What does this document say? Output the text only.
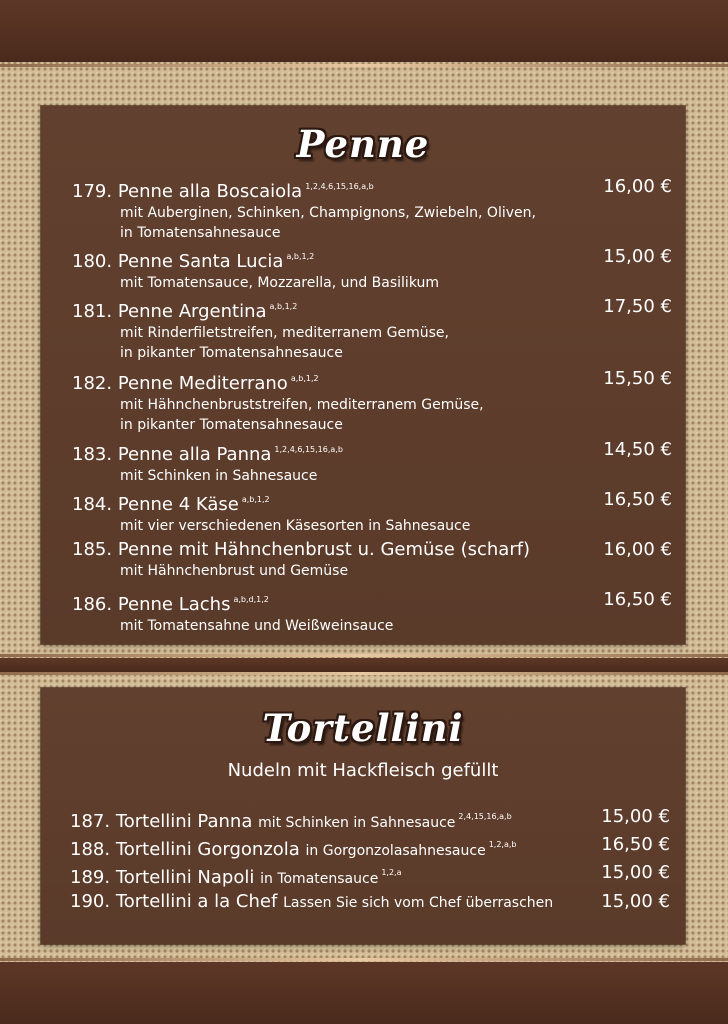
Penne
179. Penne alla Boscaiola $^{1,2,4,6,15,16,a,b}$	16,00 €
mit Auberginen, Schinken, Champignons, Zwiebeln, Oliven,
in Tomatensahnesauce
180. Penne Santa Lucia $^{a,b,1,2}$	15,00 €
mit Tomatensauce, Mozzarella, und Basilikum
181. Penne Argentina $^{a,b,1,2}$	17,50 €
mit Rinderfiletstreifen, mediterranem Gemüse,
in pikanter Tomatensahnesauce
182. Penne Mediterrano $^{a,b,1,2}$	15,50 €
mit Hähnchenbruststreifen, mediterranem Gemüse,
in pikanter Tomatensahnesauce
183. Penne alla Panna $^{1,2,4,6,15,16,a,b}$	14,50 €
mit Schinken in Sahnesauce
184. Penne 4 Käse $^{a,b,1,2}$	16,50 €
mit vier verschiedenen Käsesorten in Sahnesauce
185. Penne mit Hähnchenbrust u. Gemüse (scharf)	16,00 €
mit Hähnchenbrust und Gemüse
186. Penne Lachs $^{a,b,d,1,2}$	16,50 €
mit Tomatensahne und Weißweinsauce
Tortellini
Nudeln mit Hackfleisch gefüllt
187. Tortellini Panna mit Schinken in Sahnesauce $^{2,4,15,16,a,b}$	15,00 €
188. Tortellini Gorgonzola in Gorgonzolasahnesauce $^{1,2,a,b}$	16,50 €
189. Tortellini Napoli in Tomatensauce $^{1,2,a}$	15,00 €
190. Tortellini a la Chef Lassen Sie sich vom Chef überraschen	15,00 €
